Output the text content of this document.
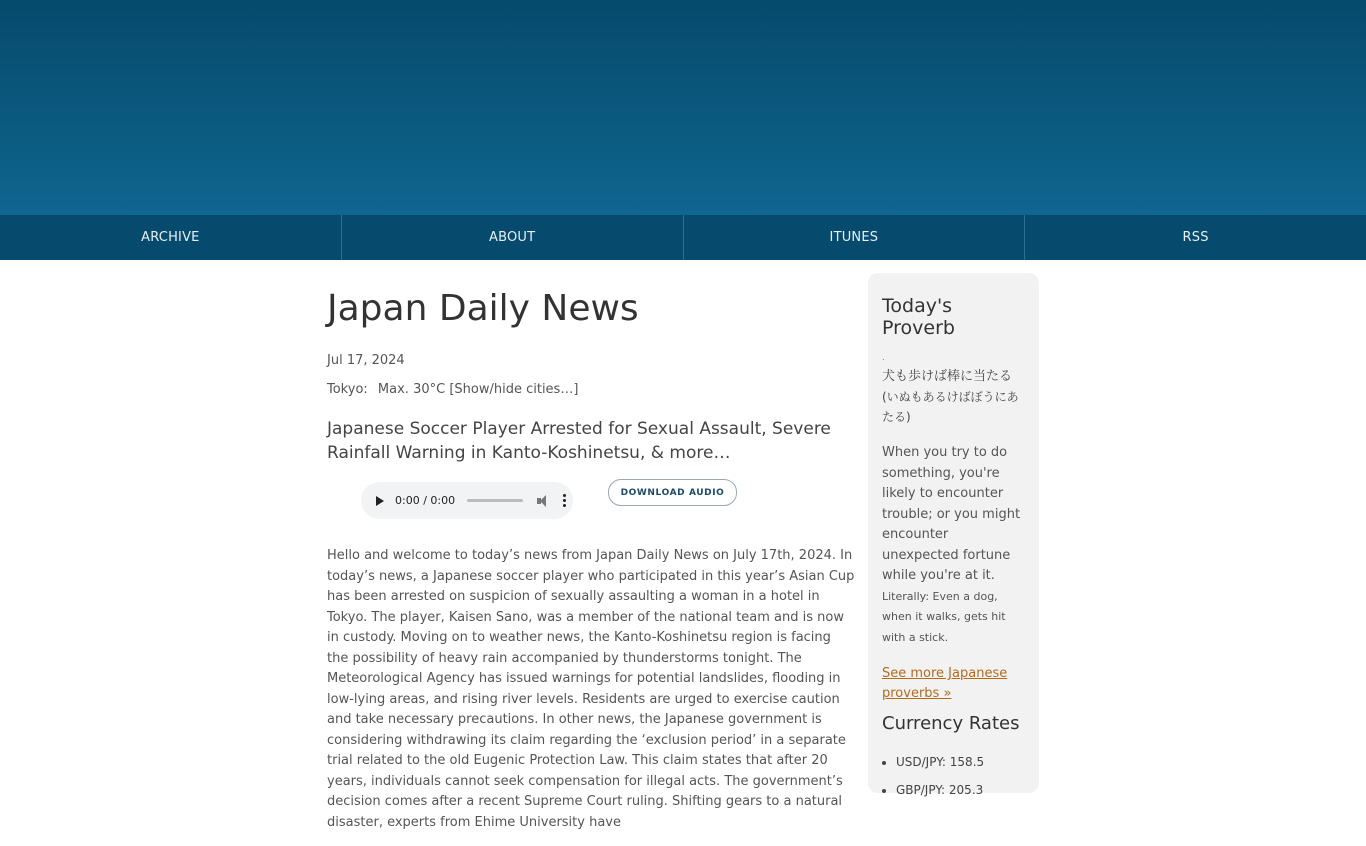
ARCHIVE	ABOUT	ITUNES	RSS
Japan Daily News
Jul 17, 2024
Tokyo: Max. 30°C [Show/hide cities…]
Japanese Soccer Player Arrested for Sexual Assault, Severe Rainfall Warning in Kanto-Koshinetsu, & more…
0:00 / 0:00
DOWNLOAD AUDIO

Hello and welcome to today’s news from Japan Daily News on July 17th, 2024. In today’s news, a Japanese soccer player who participated in this year’s Asian Cup has been arrested on suspicion of sexually assaulting a woman in a hotel in Tokyo. The player, Kaisen Sano, was a member of the national team and is now in custody. Moving on to weather news, the Kanto-Koshinetsu region is facing the possibility of heavy rain accompanied by thunderstorms tonight. The Meteorological Agency has issued warnings for potential landslides, flooding in low-lying areas, and rising river levels. Residents are urged to exercise caution and take necessary precautions. In other news, the Japanese government is considering withdrawing its claim regarding the ‘exclusion period’ in a separate trial related to the old Eugenic Protection Law. This claim states that after 20 years, individuals cannot seek compensation for illegal acts. The government’s decision comes after a recent Supreme Court ruling. Shifting gears to a natural disaster, experts from Ehime University have

Today's Proverb
.
犬も歩けば棒に当たる
(いぬもあるけばぼうにあたる)
When you try to do something, you're likely to encounter trouble; or you might encounter unexpected fortune while you're at it.
Literally: Even a dog, when it walks, gets hit with a stick.
See more Japanese proverbs »
Currency Rates
• USD/JPY: 158.5
• GBP/JPY: 205.3
